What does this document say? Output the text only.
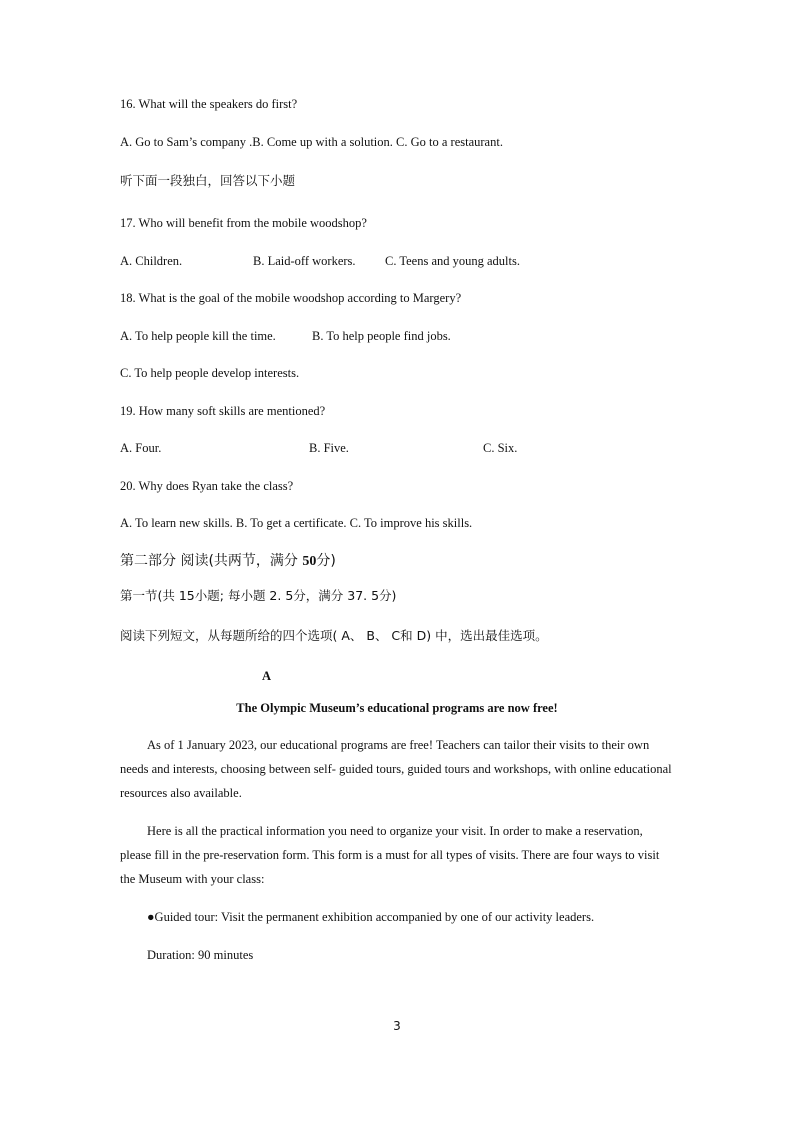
16. What will the speakers do first?
A. Go to Sam’s company .B. Come up with a solution. C. Go to a restaurant.
听下面一段独白，回答以下小题
17. Who will benefit from the mobile woodshop?
A. Children.	B. Laid-off workers. C. Teens and young adults.
18. What is the goal of the mobile woodshop according to Margery?
A. To help people kill the time.	B. To help people find jobs.
C. To help people develop interests.
19. How many soft skills are mentioned?
A. Four.	B. Five.	C. Six.
20. Why does Ryan take the class?
A. To learn new skills. B. To get a certificate. C. To improve his skills.
第二部分 阅读(共两节，满分 50分)
第一节(共 15小题; 每小题 2. 5分，满分 37. 5分)
阅读下列短文，从每题所给的四个选项( A、 B、 C和 D) 中，选出最佳选项。
A
The Olympic Museum’s educational programs are now free!
As of 1 January 2023, our educational programs are free! Teachers can tailor their visits to their own needs and interests, choosing between self- guided tours, guided tours and workshops, with online educational resources also available.
Here is all the practical information you need to organize your visit. In order to make a reservation, please fill in the pre-reservation form. This form is a must for all types of visits. There are four ways to visit the Museum with your class:
●Guided tour: Visit the permanent exhibition accompanied by one of our activity leaders.
Duration: 90 minutes
3
